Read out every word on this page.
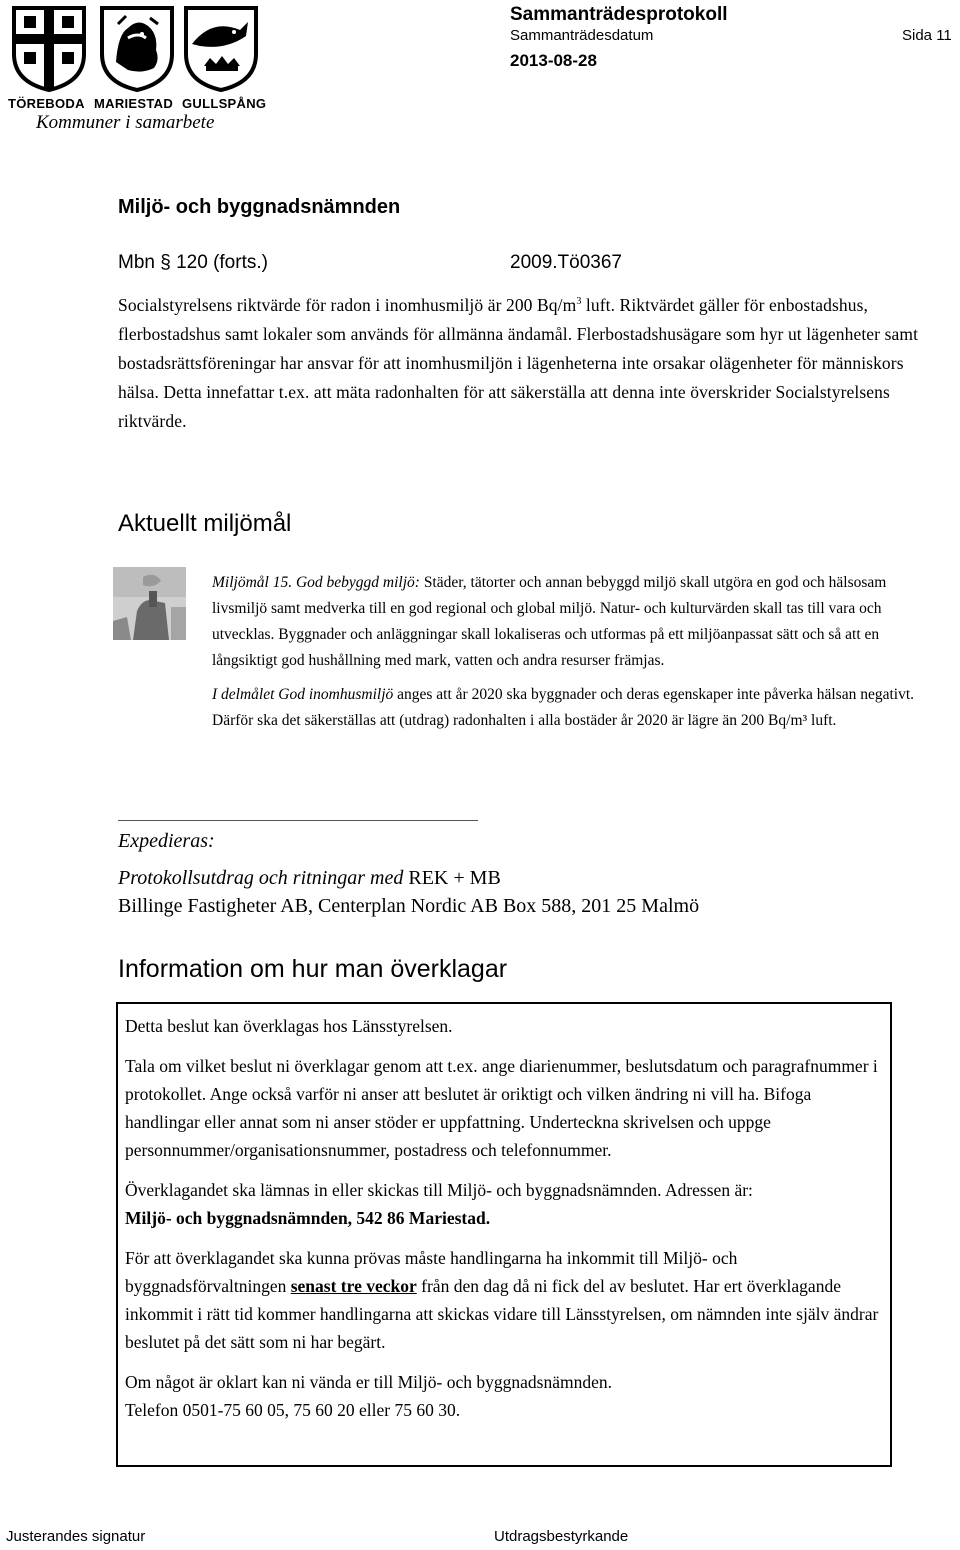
TÖREBODA MARIESTAD GULLSPÅNG
Kommuner i samarbete
Sammanträdesprotokoll
Sammanträdesdatum	Sida 11
2013-08-28
Miljö- och byggnadsnämnden
Mbn § 120 (forts.)	2009.Tö0367
Socialstyrelsens riktvärde för radon i inomhusmiljö är 200 $Bq/m^3$ luft. Riktvärdet gäller för enbostadshus, flerbostadshus samt lokaler som används för allmänna ändamål. Flerbostadshusägare som hyr ut lägenheter samt bostadsrättsföreningar har ansvar för att inomhusmiljön i lägenheterna inte orsakar olägenheter för människors hälsa. Detta innefattar t.ex. att mäta radonhalten för att säkerställa att denna inte överskrider Socialstyrelsens riktvärde.
Aktuellt miljömål

Miljömål 15. God bebyggd miljö: Städer, tätorter och annan bebyggd miljö skall utgöra en god och hälsosam livsmiljö samt medverka till en god regional och global miljö. Natur- och kulturvärden skall tas till vara och utvecklas. Byggnader och anläggningar skall lokaliseras och utformas på ett miljöanpassat sätt och så att en långsiktigt god hushållning med mark, vatten och andra resurser främjas.

I delmålet God inomhusmiljö anges att år 2020 ska byggnader och deras egenskaper inte påverka hälsan negativt. Därför ska det säkerställas att (utdrag) radonhalten i alla bostäder år 2020 är lägre än 200 Bq/m³ luft.

Expedieras:
Protokollsutdrag och ritningar med REK + MB
Billinge Fastigheter AB, Centerplan Nordic AB Box 588, 201 25 Malmö
Information om hur man överklagar

Detta beslut kan överklagas hos Länsstyrelsen.

Tala om vilket beslut ni överklagar genom att t.ex. ange diarienummer, beslutsdatum och paragrafnummer i protokollet. Ange också varför ni anser att beslutet är oriktigt och vilken ändring ni vill ha. Bifoga handlingar eller annat som ni anser stöder er uppfattning. Underteckna skrivelsen och uppge personnummer/organisationsnummer, postadress och telefonnummer.

Överklagandet ska lämnas in eller skickas till Miljö- och byggnadsnämnden. Adressen är:
Miljö- och byggnadsnämnden, 542 86 Mariestad.

För att överklagandet ska kunna prövas måste handlingarna ha inkommit till Miljö- och byggnadsförvaltningen senast tre veckor från den dag då ni fick del av beslutet. Har ert överklagande inkommit i rätt tid kommer handlingarna att skickas vidare till Länsstyrelsen, om nämnden inte själv ändrar beslutet på det sätt som ni har begärt.

Om något är oklart kan ni vända er till Miljö- och byggnadsnämnden.
Telefon 0501-75 60 05, 75 60 20 eller 75 60 30.

Justerandes signatur	Utdragsbestyrkande
